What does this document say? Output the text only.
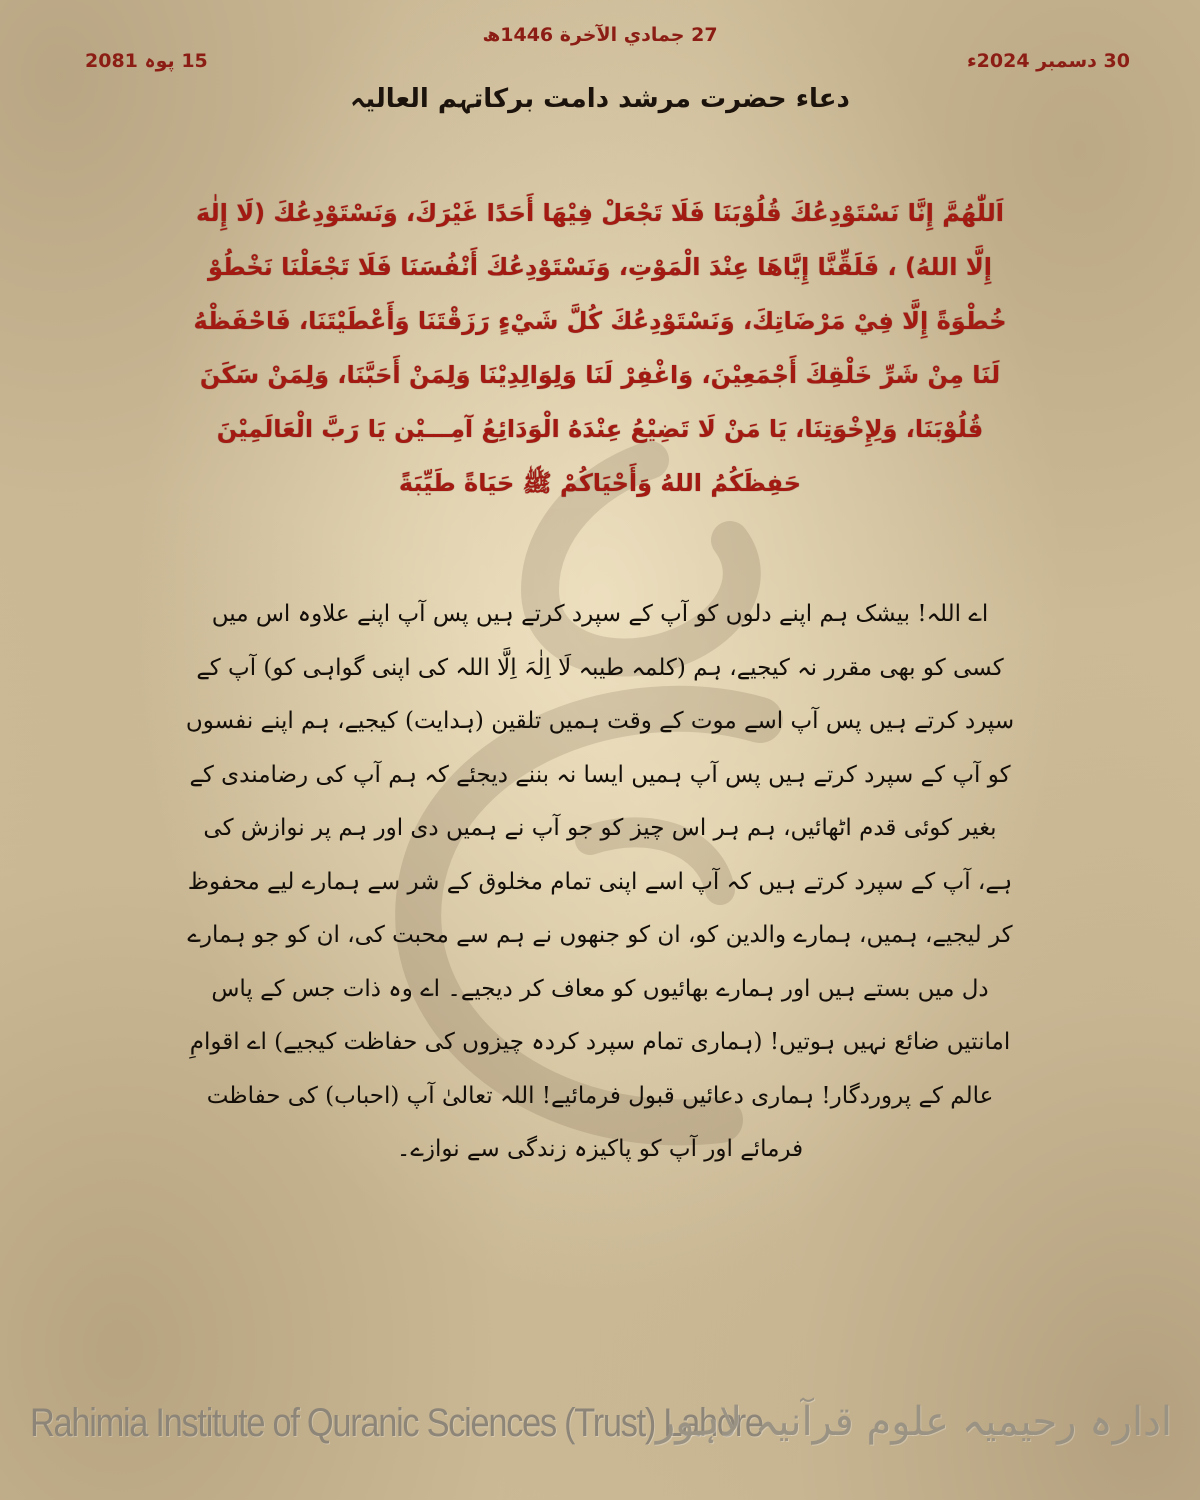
27 جمادي الآخرة 1446ھ
30 دسمبر 2024ء
15 پوہ 2081
دعاء حضرت مرشد دامت برکاتہم العالیہ
اَللّٰهُمَّ إِنَّا نَسْتَوْدِعُكَ قُلُوْبَنَا فَلَا تَجْعَلْ فِيْهَا أَحَدًا غَيْرَكَ، وَنَسْتَوْدِعُكَ (لَا إِلٰهَ إِلَّا اللهُ) ، فَلَقِّنَّا إِيَّاهَا عِنْدَ الْمَوْتِ، وَنَسْتَوْدِعُكَ أَنْفُسَنَا فَلَا تَجْعَلْنَا نَخْطُوْ خُطْوَةً إِلَّا فِيْ مَرْضَاتِكَ، وَنَسْتَوْدِعُكَ كُلَّ شَيْءٍ رَزَقْتَنَا وَأَعْطَيْتَنَا، فَاحْفَظْهُ لَنَا مِنْ شَرِّ خَلْقِكَ أَجْمَعِيْنَ، وَاغْفِرْ لَنَا وَلِوَالِدِيْنَا وَلِمَنْ أَحَبَّنَا، وَلِمَنْ سَكَنَ قُلُوْبَنَا، وَلِإِخْوَتِنَا، يَا مَنْ لَا تَضِيْعُ عِنْدَهُ الْوَدَائِعُ آمِـــيْن يَا رَبَّ الْعَالَمِيْنَ حَفِظَكُمُ اللهُ وَأَحْيَاكُمْ ﷺ حَيَاةً طَيِّبَةً
اے اللہ! بیشک ہم اپنے دلوں کو آپ کے سپرد کرتے ہیں پس آپ اپنے علاوہ اس میں کسی کو بھی مقرر نہ کیجیے، ہم (کلمہ طیبہ لَا اِلٰہَ اِلَّا اللہ کی اپنی گواہی کو) آپ کے سپرد کرتے ہیں پس آپ اسے موت کے وقت ہمیں تلقین (ہدایت) کیجیے، ہم اپنے نفسوں کو آپ کے سپرد کرتے ہیں پس آپ ہمیں ایسا نہ بننے دیجئے کہ ہم آپ کی رضامندی کے بغیر کوئی قدم اٹھائیں، ہم ہر اس چیز کو جو آپ نے ہمیں دی اور ہم پر نوازش کی ہے، آپ کے سپرد کرتے ہیں کہ آپ اسے اپنی تمام مخلوق کے شر سے ہمارے لیے محفوظ کر لیجیے، ہمیں، ہمارے والدین کو، ان کو جنھوں نے ہم سے محبت کی، ان کو جو ہمارے دل میں بستے ہیں اور ہمارے بھائیوں کو معاف کر دیجیے۔ اے وہ ذات جس کے پاس امانتیں ضائع نہیں ہوتیں! (ہماری تمام سپرد کردہ چیزوں کی حفاظت کیجیے) اے اقوامِ عالم کے پروردگار! ہماری دعائیں قبول فرمائیے! اللہ تعالیٰ آپ (احباب) کی حفاظت فرمائے اور آپ کو پاکیزہ زندگی سے نوازے۔
Rahimia Institute of Quranic Sciences (Trust) Lahore
ادارہ رحیمیہ علوم قرآنیہ لاہور
